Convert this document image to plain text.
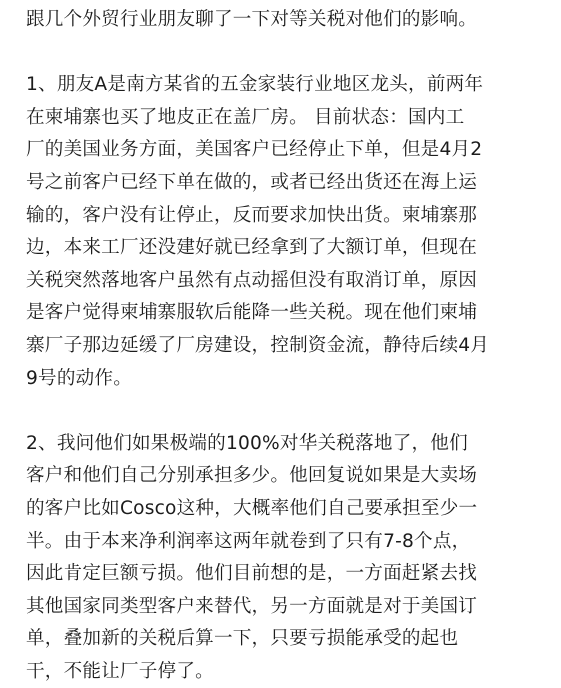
跟几个外贸行业朋友聊了一下对等关税对他们的影响。
1、朋友A是南方某省的五金家装行业地区龙头，前两年
在柬埔寨也买了地皮正在盖厂房。 目前状态：国内工
厂的美国业务方面，美国客户已经停止下单，但是4月2
号之前客户已经下单在做的，或者已经出货还在海上运
输的，客户没有让停止，反而要求加快出货。柬埔寨那
边，本来工厂还没建好就已经拿到了大额订单，但现在
关税突然落地客户虽然有点动摇但没有取消订单，原因
是客户觉得柬埔寨服软后能降一些关税。现在他们柬埔
寨厂子那边延缓了厂房建设，控制资金流，静待后续4月
9号的动作。
2、我问他们如果极端的100%对华关税落地了，他们
客户和他们自己分别承担多少。他回复说如果是大卖场
的客户比如Cosco这种，大概率他们自己要承担至少一
半。由于本来净利润率这两年就卷到了只有7-8个点，
因此肯定巨额亏损。他们目前想的是，一方面赶紧去找
其他国家同类型客户来替代，另一方面就是对于美国订
单，叠加新的关税后算一下，只要亏损能承受的起也
干，不能让厂子停了。
